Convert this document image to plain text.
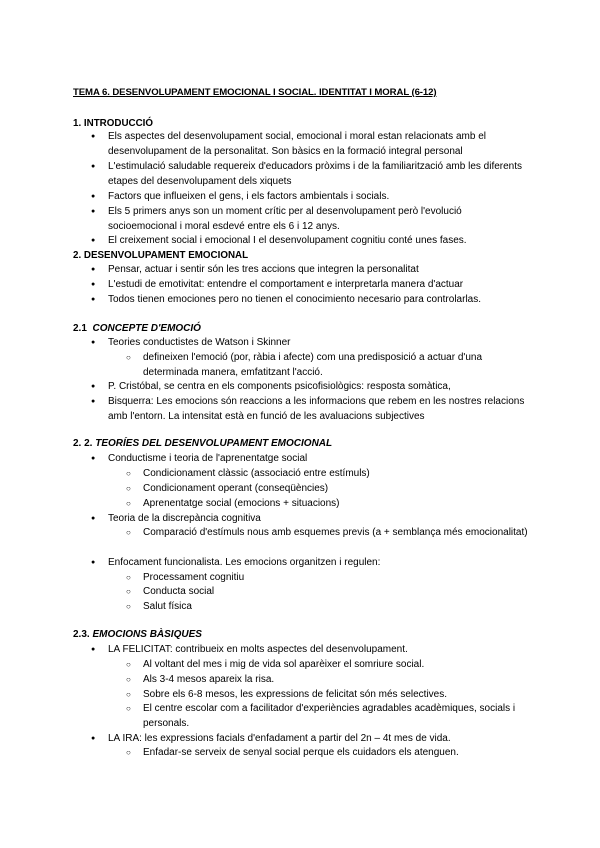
TEMA 6. DESENVOLUPAMENT EMOCIONAL I SOCIAL. IDENTITAT I MORAL (6-12)
1. INTRODUCCIÓ
● Els aspectes del desenvolupament social, emocional i moral estan relacionats amb el desenvolupament de la personalitat. Son bàsics en la formació integral personal
● L'estimulació saludable requereix d'educadors pròxims i de la familiarització amb les diferents etapes del desenvolupament dels xiquets
● Factors que influeixen el gens, i els factors ambientals i socials.
● Els 5 primers anys son un moment crític per al desenvolupament però l'evolució socioemocional i moral esdevé entre els 6 i 12 anys.
● El creixement social i emocional I el desenvolupament cognitiu conté unes fases.
2. DESENVOLUPAMENT EMOCIONAL
● Pensar, actuar i sentir són les tres accions que integren la personalitat
● L'estudi de emotivitat: entendre el comportament e interpretarla manera d'actuar
● Todos tienen emociones pero no tienen el conocimiento necesario para controlarlas.
2.1 CONCEPTE D'EMOCIÓ
● Teories conductistes de Watson i Skinner
○ defineixen l'emoció (por, ràbia i afecte) com una predisposició a actuar d'una determinada manera, emfatitzant l'acció.
● P. Cristóbal, se centra en els components psicofisiològics: resposta somàtica,
● Bisquerra: Les emocions són reaccions a les informacions que rebem en les nostres relacions amb l'entorn. La intensitat està en funció de les avaluacions subjectives
2. 2. TEORÍES DEL DESENVOLUPAMENT EMOCIONAL
● Conductisme i teoria de l'aprenentatge social
○ Condicionament clàssic (associació entre estímuls)
○ Condicionament operant (conseqüències)
○ Aprenentatge social (emocions + situacions)
● Teoria de la discrepància cognitiva
○ Comparació d'estímuls nous amb esquemes previs (a + semblança més emocionalitat)
● Enfocament funcionalista. Les emocions organitzen i regulen:
○ Processament cognitiu
○ Conducta social
○ Salut física
2.3. EMOCIONS BÀSIQUES
● LA FELICITAT: contribueix en molts aspectes del desenvolupament.
○ Al voltant del mes i mig de vida sol aparèixer el somriure social.
○ Als 3-4 mesos apareix la risa.
○ Sobre els 6-8 mesos, les expressions de felicitat són més selectives.
○ El centre escolar com a facilitador d'experiències agradables acadèmiques, socials i personals.
● LA IRA: les expressions facials d'enfadament a partir del 2n – 4t mes de vida.
○ Enfadar-se serveix de senyal social perque els cuidadors els atenguen.
